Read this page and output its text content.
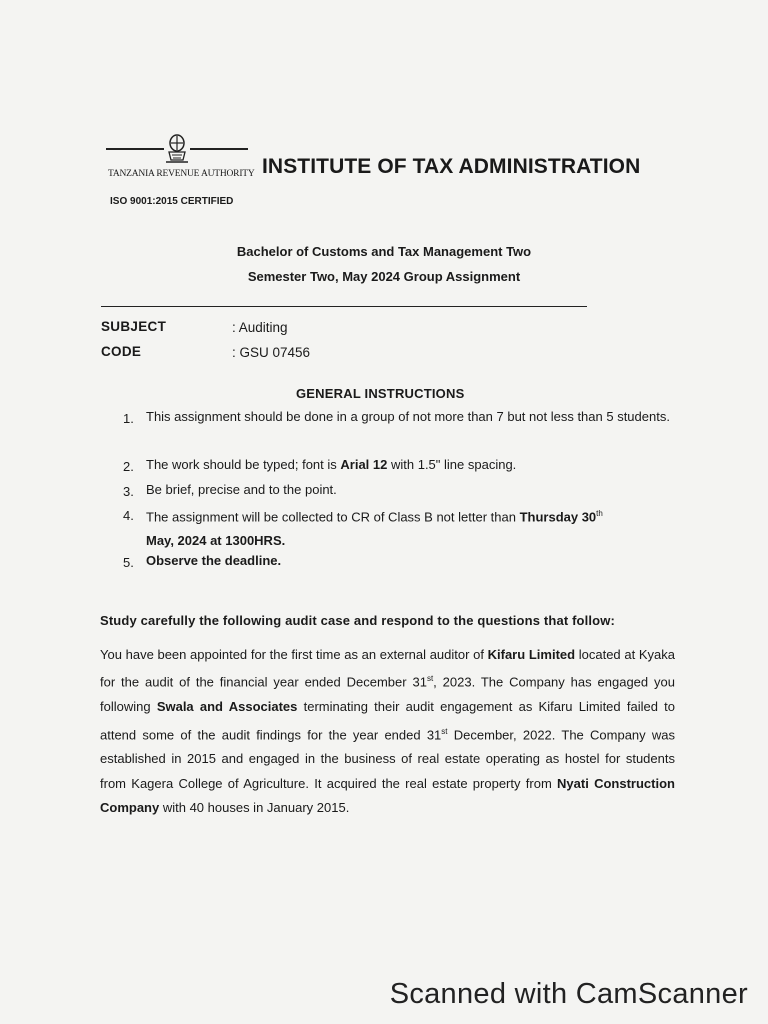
TANZANIA REVENUE AUTHORITY
ISO 9001:2015 CERTIFIED
INSTITUTE OF TAX ADMINISTRATION
Bachelor of Customs and Tax Management Two
Semester Two, May 2024 Group Assignment
SUBJECT	: Auditing
CODE	: GSU 07456
GENERAL INSTRUCTIONS
1. This assignment should be done in a group of not more than 7 but not less than 5 students.
2. The work should be typed; font is Arial 12 with 1.5" line spacing.
3. Be brief, precise and to the point.
4. The assignment will be collected to CR of Class B not letter than Thursday 30th
May, 2024 at 1300HRS.
5. Observe the deadline.
Study carefully the following audit case and respond to the questions that follow:
You have been appointed for the first time as an external auditor of Kifaru Limited located at Kyaka for the audit of the financial year ended December 31st, 2023. The Company has engaged you following Swala and Associates terminating their audit engagement as Kifaru Limited failed to attend some of the audit findings for the year ended 31st December, 2022. The Company was established in 2015 and engaged in the business of real estate operating as hostel for students from Kagera College of Agriculture. It acquired the real estate property from Nyati Construction Company with 40 houses in January 2015.
Scanned with CamScanner
